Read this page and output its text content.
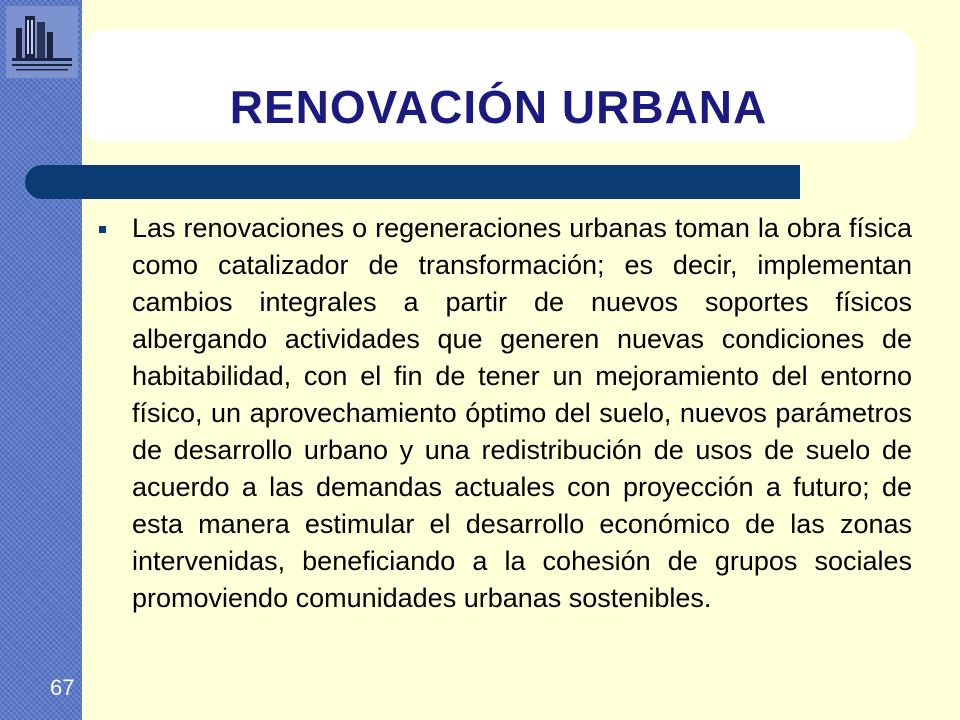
67
RENOVACIÓN URBANA
Las renovaciones o regeneraciones urbanas toman la obra física como catalizador de transformación; es decir, implementan cambios integrales a partir de nuevos soportes físicos albergando actividades que generen nuevas condiciones de habitabilidad, con el fin de tener un mejoramiento del entorno físico, un aprovechamiento óptimo del suelo, nuevos parámetros de desarrollo urbano y una redistribución de usos de suelo de acuerdo a las demandas actuales con proyección a futuro; de esta manera estimular el desarrollo económico de las zonas intervenidas, beneficiando a la cohesión de grupos sociales promoviendo comunidades urbanas sostenibles.
